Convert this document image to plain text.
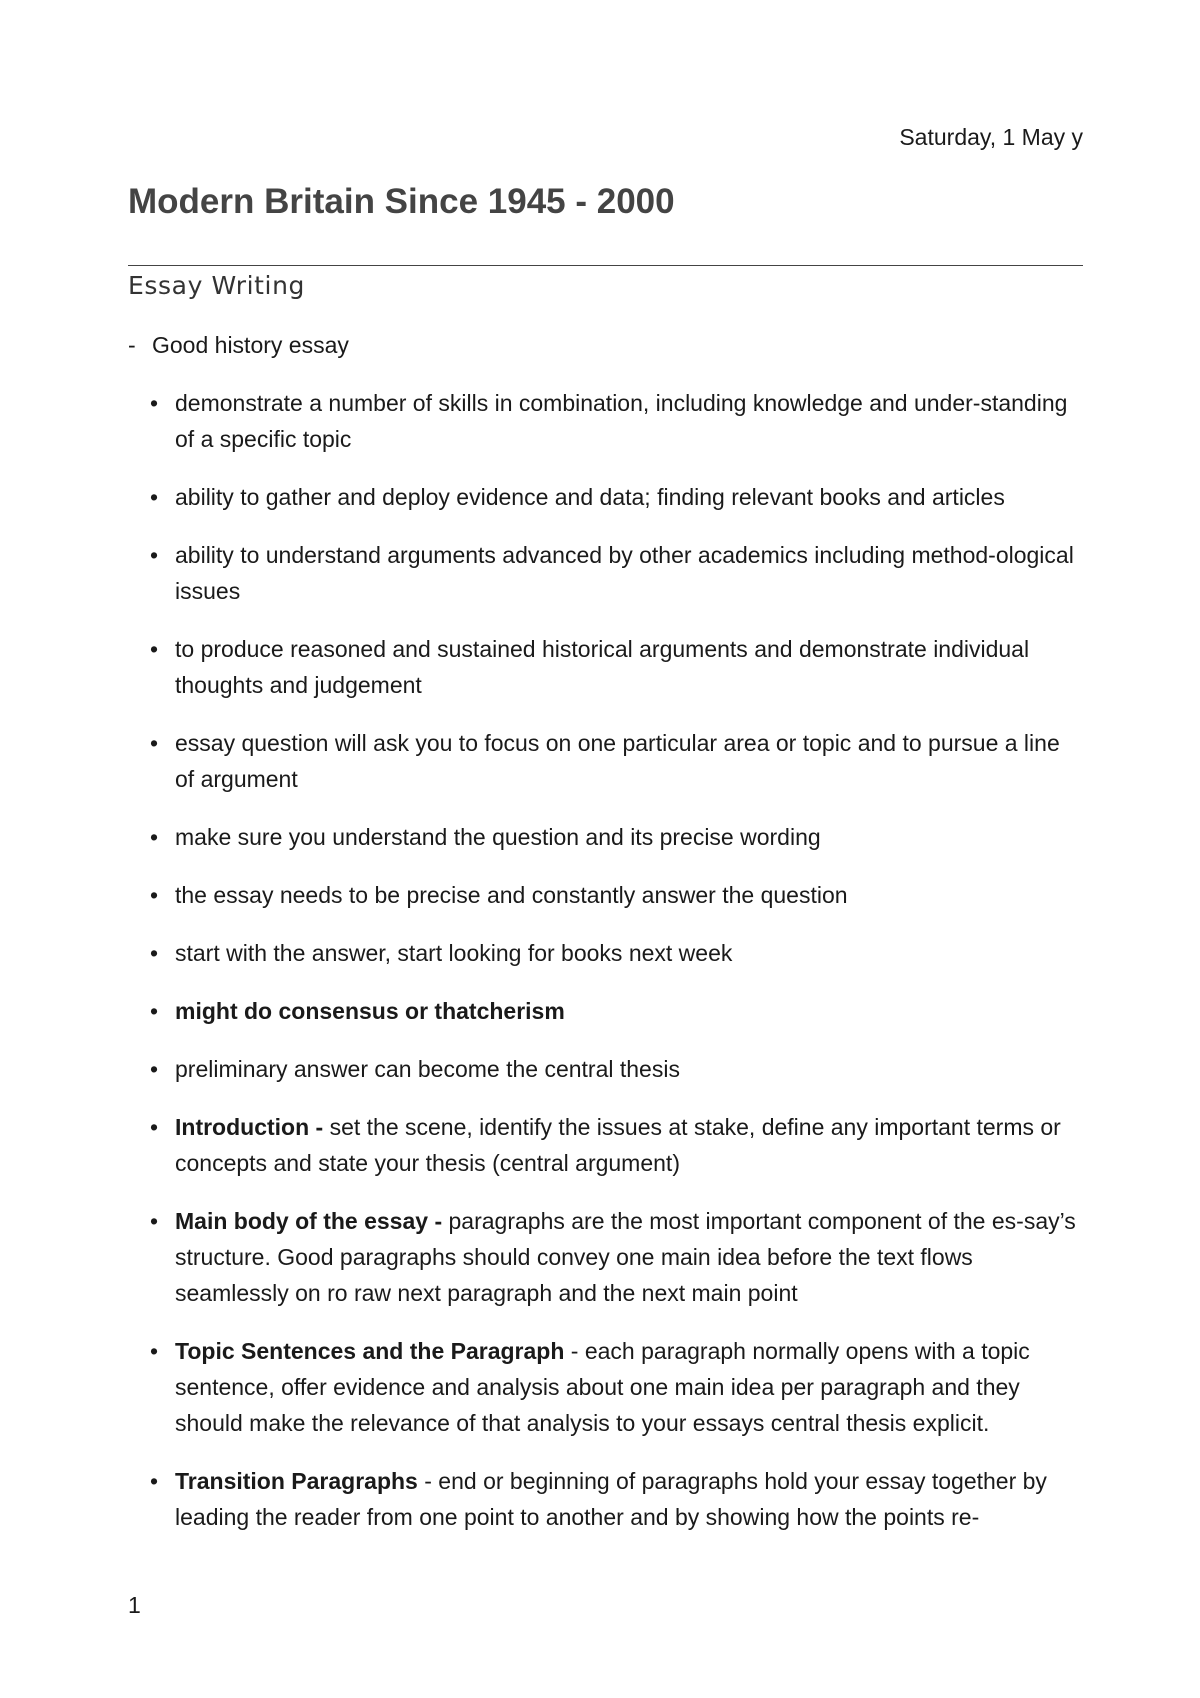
Saturday, 1 May y
Modern Britain Since 1945 - 2000
Essay Writing
- Good history essay
• demonstrate a number of skills in combination, including knowledge and under-standing of a specific topic
• ability to gather and deploy evidence and data; finding relevant books and articles
• ability to understand arguments advanced by other academics including method-ological issues
• to produce reasoned and sustained historical arguments and demonstrate individual thoughts and judgement
• essay question will ask you to focus on one particular area or topic and to pursue a line of argument
• make sure you understand the question and its precise wording
• the essay needs to be precise and constantly answer the question
• start with the answer, start looking for books next week
• might do consensus or thatcherism
• preliminary answer can become the central thesis
• Introduction - set the scene, identify the issues at stake, define any important terms or concepts and state your thesis (central argument)
• Main body of the essay - paragraphs are the most important component of the es-say’s structure. Good paragraphs should convey one main idea before the text flows seamlessly on ro raw next paragraph and the next main point
• Topic Sentences and the Paragraph - each paragraph normally opens with a topic sentence, offer evidence and analysis about one main idea per paragraph and they should make the relevance of that analysis to your essays central thesis explicit.
• Transition Paragraphs - end or beginning of paragraphs hold your essay together by leading the reader from one point to another and by showing how the points re-
1
